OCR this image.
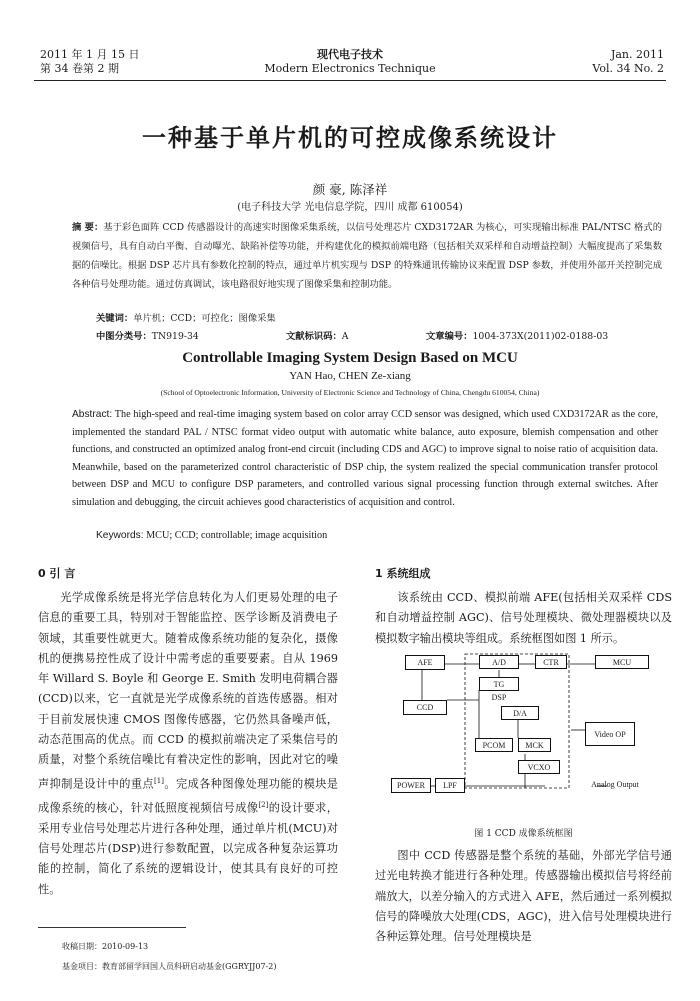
2011 年 1 月 15 日
第 34 卷第 2 期
现代电子技术
Modern Electronics Technique
Jan. 2011
Vol. 34 No. 2
一种基于单片机的可控成像系统设计
颜 豪, 陈泽祥
(电子科技大学 光电信息学院，四川 成都 610054)
摘 要：基于彩色面阵 CCD 传感器设计的高速实时图像采集系统，以信号处理芯片 CXD3172AR 为核心，可实现输出标准 PAL/NTSC 格式的视频信号，具有自动白平衡、自动曝光、缺陷补偿等功能，并构建优化的模拟前端电路（包括相关双采样和自动增益控制）大幅度提高了采集数据的信噪比。根据 DSP 芯片具有参数化控制的特点，通过单片机实现与 DSP 的特殊通讯传输协议来配置 DSP 参数，并使用外部开关控制完成各种信号处理功能。通过仿真调试，该电路很好地实现了图像采集和控制功能。
关键词：单片机；CCD；可控化；图像采集
中图分类号：TN919-34	文献标识码：A	文章编号：1004-373X(2011)02-0188-03
Controllable Imaging System Design Based on MCU
YAN Hao, CHEN Ze-xiang
(School of Optoelectronic Information, University of Electronic Science and Technology of China, Chengdu 610054, China)
Abstract: The high-speed and real-time imaging system based on color array CCD sensor was designed, which used CXD3172AR as the core, implemented the standard PAL / NTSC format video output with automatic white balance, auto exposure, blemish compensation and other functions, and constructed an optimized analog front-end circuit (including CDS and AGC) to improve signal to noise ratio of acquisition data. Meanwhile, based on the parameterized control characteristic of DSP chip, the system realized the special communication transfer protocol between DSP and MCU to configure DSP parameters, and controlled various signal processing function through external switches. After simulation and debugging, the circuit achieves good characteristics of acquisition and control.
Keywords: MCU; CCD; controllable; image acquisition
0 引 言
光学成像系统是将光学信息转化为人们更易处理的电子信息的重要工具，特别对于智能监控、医学诊断及消费电子领域，其重要性就更大。随着成像系统功能的复杂化，摄像机的便携易控性成了设计中需考虑的重要要素。自从 1969 年 Willard S. Boyle 和 George E. Smith 发明电荷耦合器(CCD)以来，它一直就是光学成像系统的首选传感器。相对于目前发展快速 CMOS 图像传感器，它仍然具备噪声低，动态范围高的优点。而 CCD 的模拟前端决定了采集信号的质量，对整个系统信噪比有着决定性的影响，因此对它的噪声抑制是设计中的重点[1]。完成各种图像处理功能的模块是成像系统的核心，针对低照度视频信号成像[2]的设计要求，采用专业信号处理芯片进行各种处理，通过单片机(MCU)对信号处理芯片(DSP)进行参数配置，以完成各种复杂运算功能的控制，简化了系统的逻辑设计，使其具有良好的可控性。
收稿日期：2010-09-13
基金项目：教育部留学回国人员科研启动基金(GGRYJJ07-2)
1 系统组成
该系统由 CCD、模拟前端 AFE(包括相关双采样 CDS 和自动增益控制 AGC)、信号处理模块、微处理器模块以及模拟数字输出模块等组成。系统框图如图 1 所示。
AFE	A/D	CTR	MCU
TG
DSP
CCD
D/A
Video OP
PCOM	MCK
VCXO
POWER	LPF	Analog Output
图 1 CCD 成像系统框图
图中 CCD 传感器是整个系统的基础，外部光学信号通过光电转换才能进行各种处理。传感器输出模拟信号将经前端放大，以差分输入的方式进入 AFE，然后通过一系列模拟信号的降噪放大处理(CDS，AGC)，进入信号处理模块进行各种运算处理。信号处理模块是
